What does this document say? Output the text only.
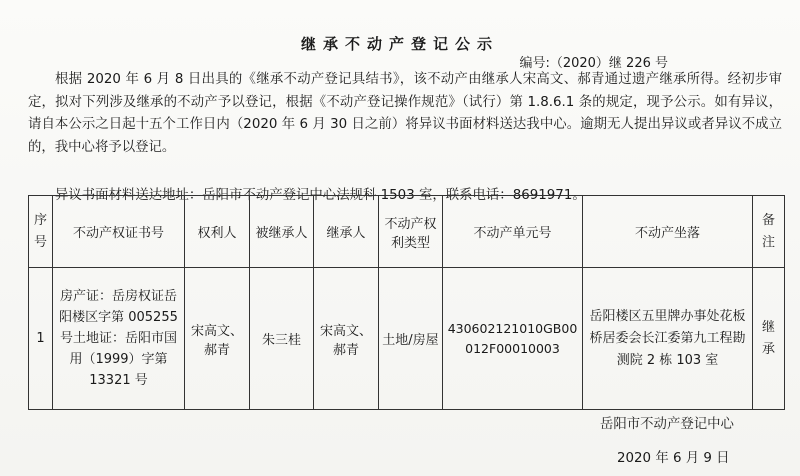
继承不动产登记公示
编号:（2020）继 226 号
根据 2020 年 6 月 8 日出具的《继承不动产登记具结书》，该不动产由继承人宋高文、郝青通过遗产继承所得。经初步审定，拟对下列涉及继承的不动产予以登记，根据《不动产登记操作规范》（试行）第 1.8.6.1 条的规定，现予公示。如有异议，请自本公示之日起十五个工作日内（2020 年 6 月 30 日之前）将异议书面材料送达我中心。逾期无人提出异议或者异议不成立的，我中心将予以登记。
异议书面材料送达地址：岳阳市不动产登记中心法规科 1503 室，联系电话：8691971。
序号	不动产权证书号	权利人	被继承人	继承人	不动产权利类型	不动产单元号	不动产坐落	备注
1	房产证：岳房权证岳阳楼区字第 005255 号土地证：岳阳市国用（1999）字第 13321 号	宋高文、郝青	朱三桂	宋高文、郝青	土地/房屋	430602121010GB00012F00010003	岳阳楼区五里牌办事处花板桥居委会长江委第九工程勘测院 2 栋 103 室	继承
岳阳市不动产登记中心
2020 年 6 月 9 日
